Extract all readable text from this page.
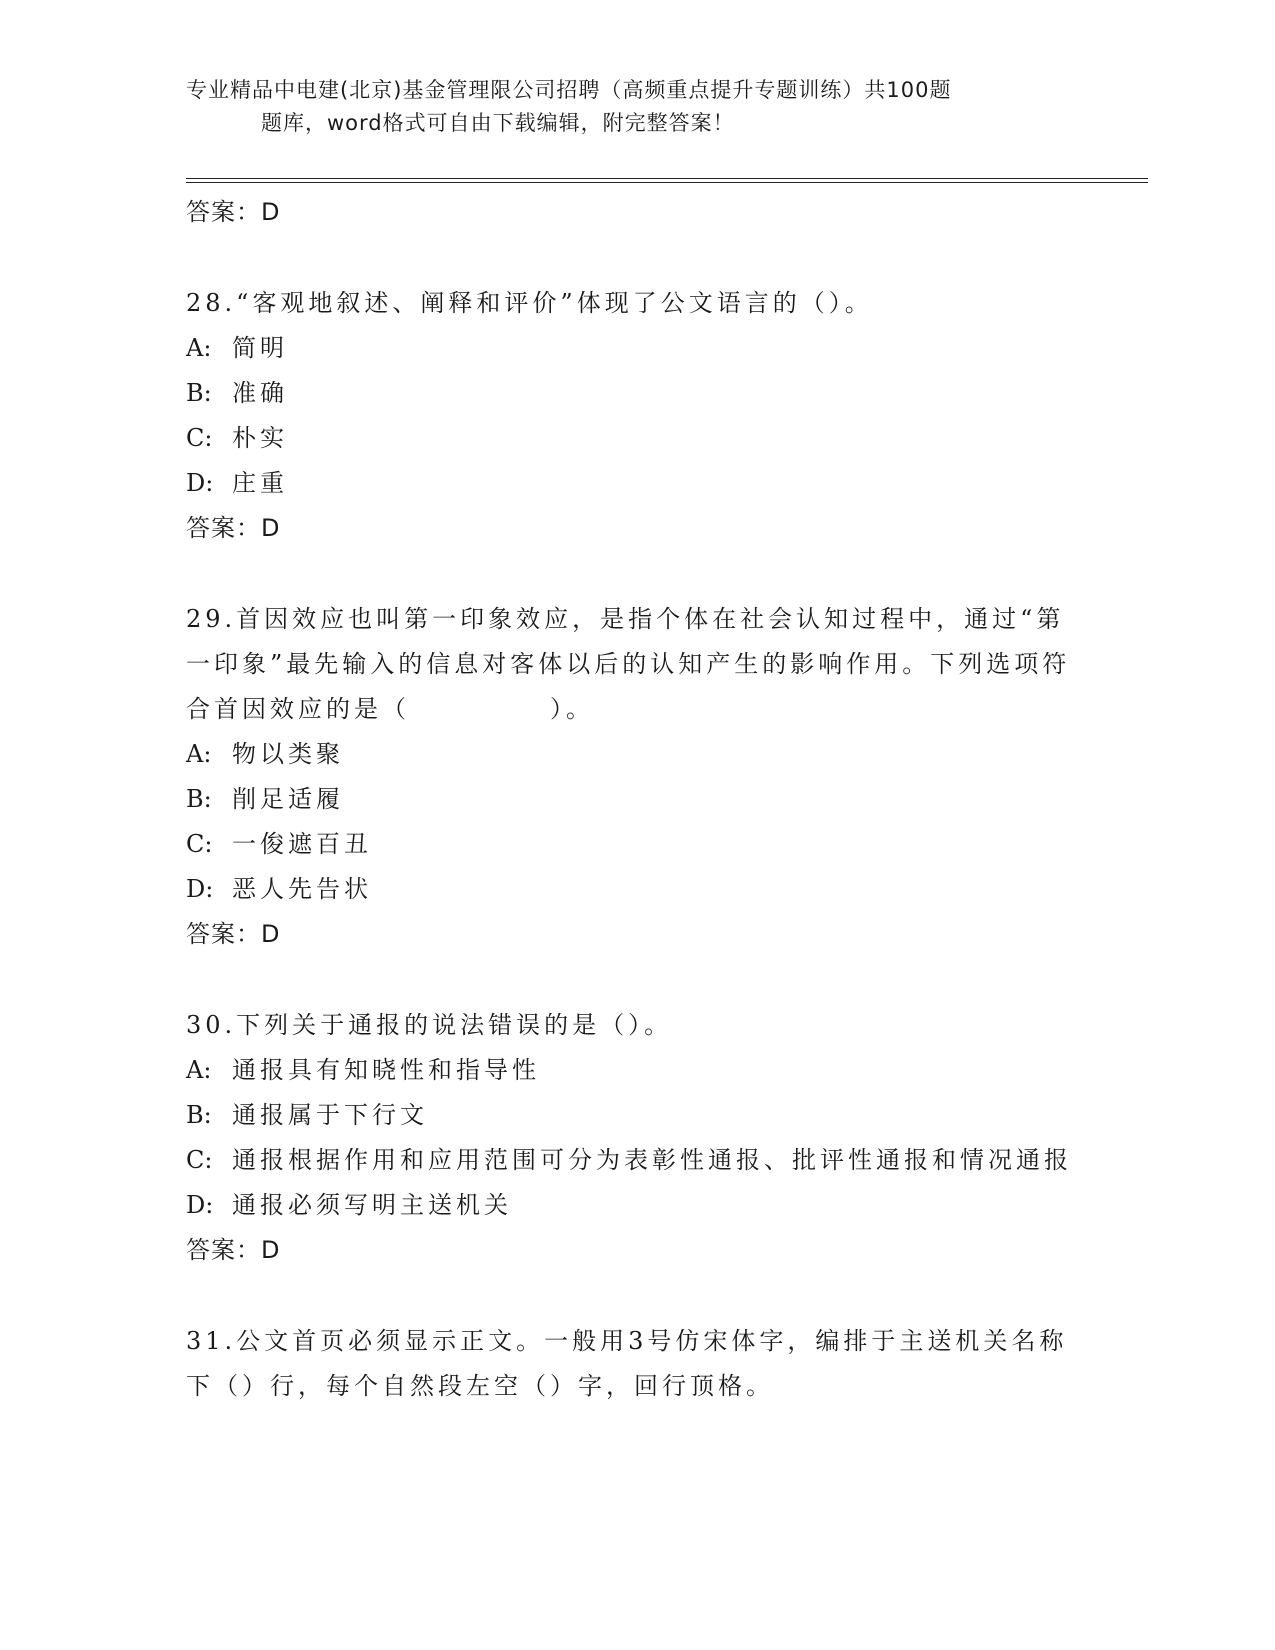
专业精品中电建(北京)基金管理限公司招聘（高频重点提升专题训练）共100题
题库，word格式可自由下载编辑，附完整答案！
答案：D
28.“客观地叙述、阐释和评价”体现了公文语言的（）。
A: 简明
B: 准确
C: 朴实
D: 庄重
答案：D
29.首因效应也叫第一印象效应，是指个体在社会认知过程中，通过“第一印象”最先输入的信息对客体以后的认知产生的影响作用。下列选项符合首因效应的是（　　　　　）。
A: 物以类聚
B: 削足适履
C: 一俊遮百丑
D: 恶人先告状
答案：D
30.下列关于通报的说法错误的是（）。
A: 通报具有知晓性和指导性
B: 通报属于下行文
C: 通报根据作用和应用范围可分为表彰性通报、批评性通报和情况通报
D: 通报必须写明主送机关
答案：D
31.公文首页必须显示正文。一般用3号仿宋体字，编排于主送机关名称下（）行，每个自然段左空（）字，回行顶格。
